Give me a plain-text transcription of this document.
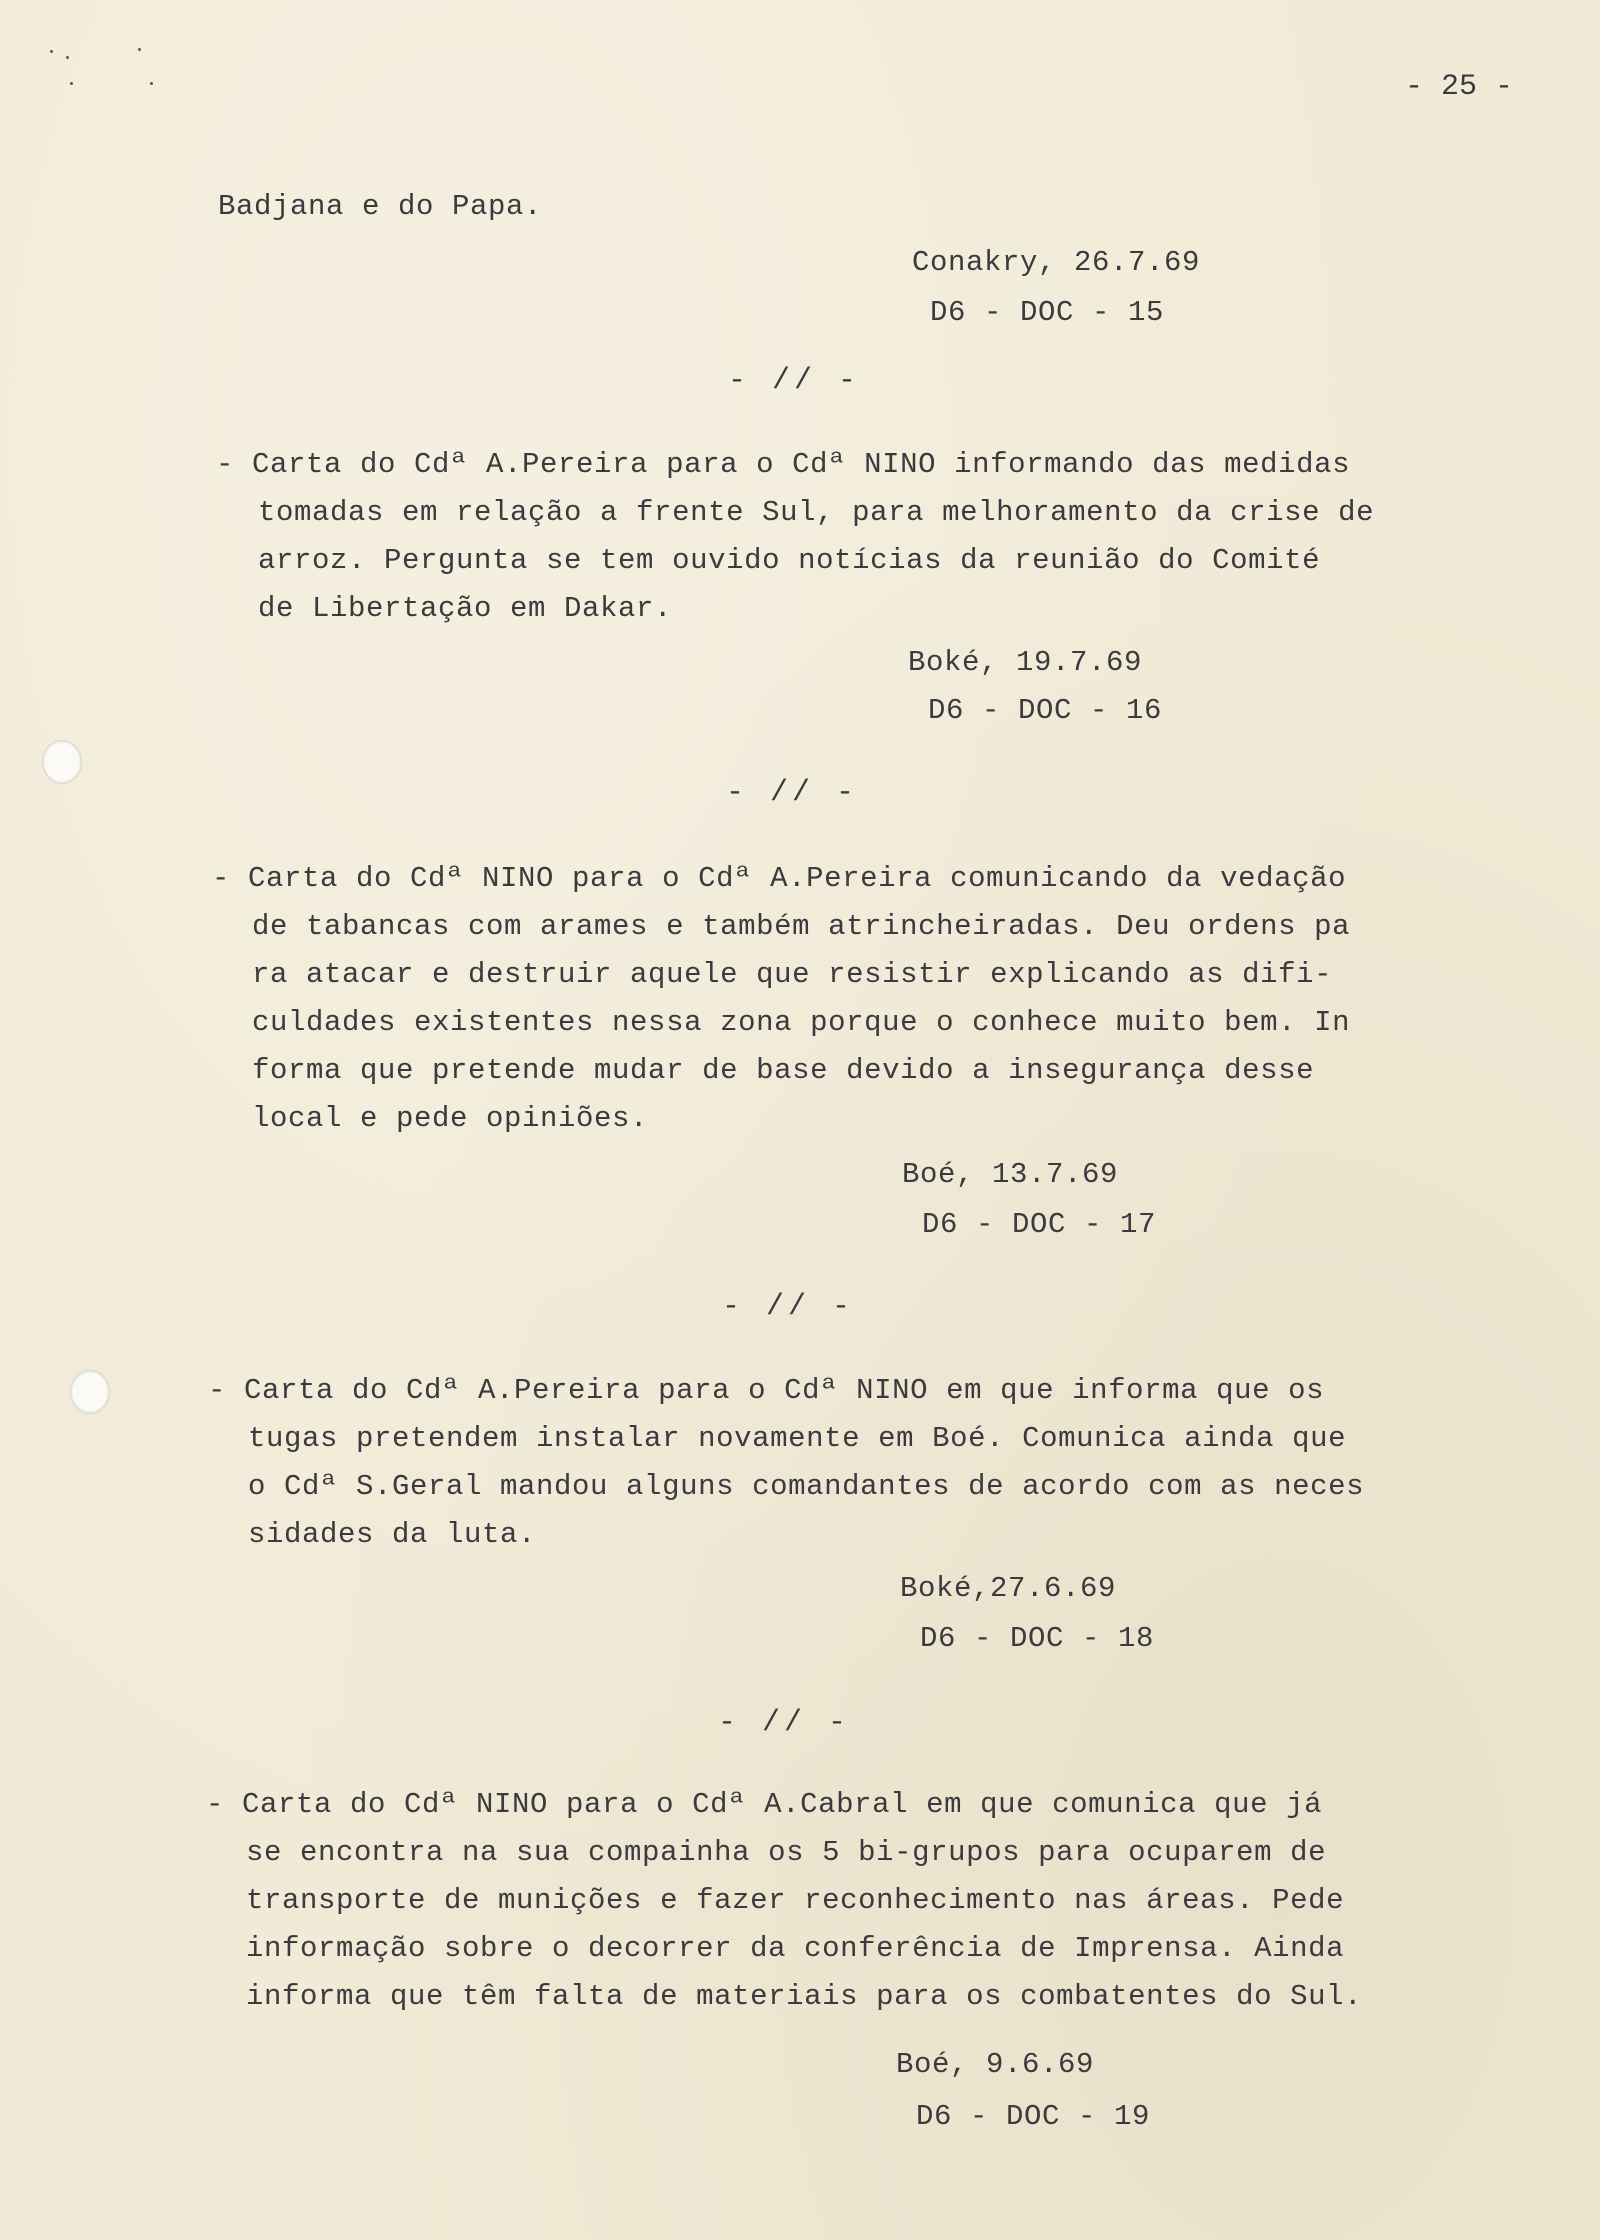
- 25 -
Badjana e do Papa.
Conakry, 26.7.69
D6 - DOC - 15
- // -
- Carta do Cdª A.Pereira para o Cdª NINO informando das medidas
tomadas em relação a frente Sul, para melhoramento da crise de
arroz. Pergunta se tem ouvido notícias da reunião do Comité
de Libertação em Dakar.
Boké, 19.7.69
D6 - DOC - 16
- // -
- Carta do Cdª NINO para o Cdª A.Pereira comunicando da vedação
de tabancas com arames e também atrincheiradas. Deu ordens pa
ra atacar e destruir aquele que resistir explicando as difi-
culdades existentes nessa zona porque o conhece muito bem. In
forma que pretende mudar de base devido a insegurança desse
local e pede opiniões.
Boé, 13.7.69
D6 - DOC - 17
- // -
- Carta do Cdª A.Pereira para o Cdª NINO em que informa que os
tugas pretendem instalar novamente em Boé. Comunica ainda que
o Cdª S.Geral mandou alguns comandantes de acordo com as neces
sidades da luta.
Boké,27.6.69
D6 - DOC - 18
- // -
- Carta do Cdª NINO para o Cdª A.Cabral em que comunica que já
se encontra na sua compainha os 5 bi-grupos para ocuparem de
transporte de munições e fazer reconhecimento nas áreas. Pede
informação sobre o decorrer da conferência de Imprensa. Ainda
informa que têm falta de materiais para os combatentes do Sul.
Boé, 9.6.69
D6 - DOC - 19
